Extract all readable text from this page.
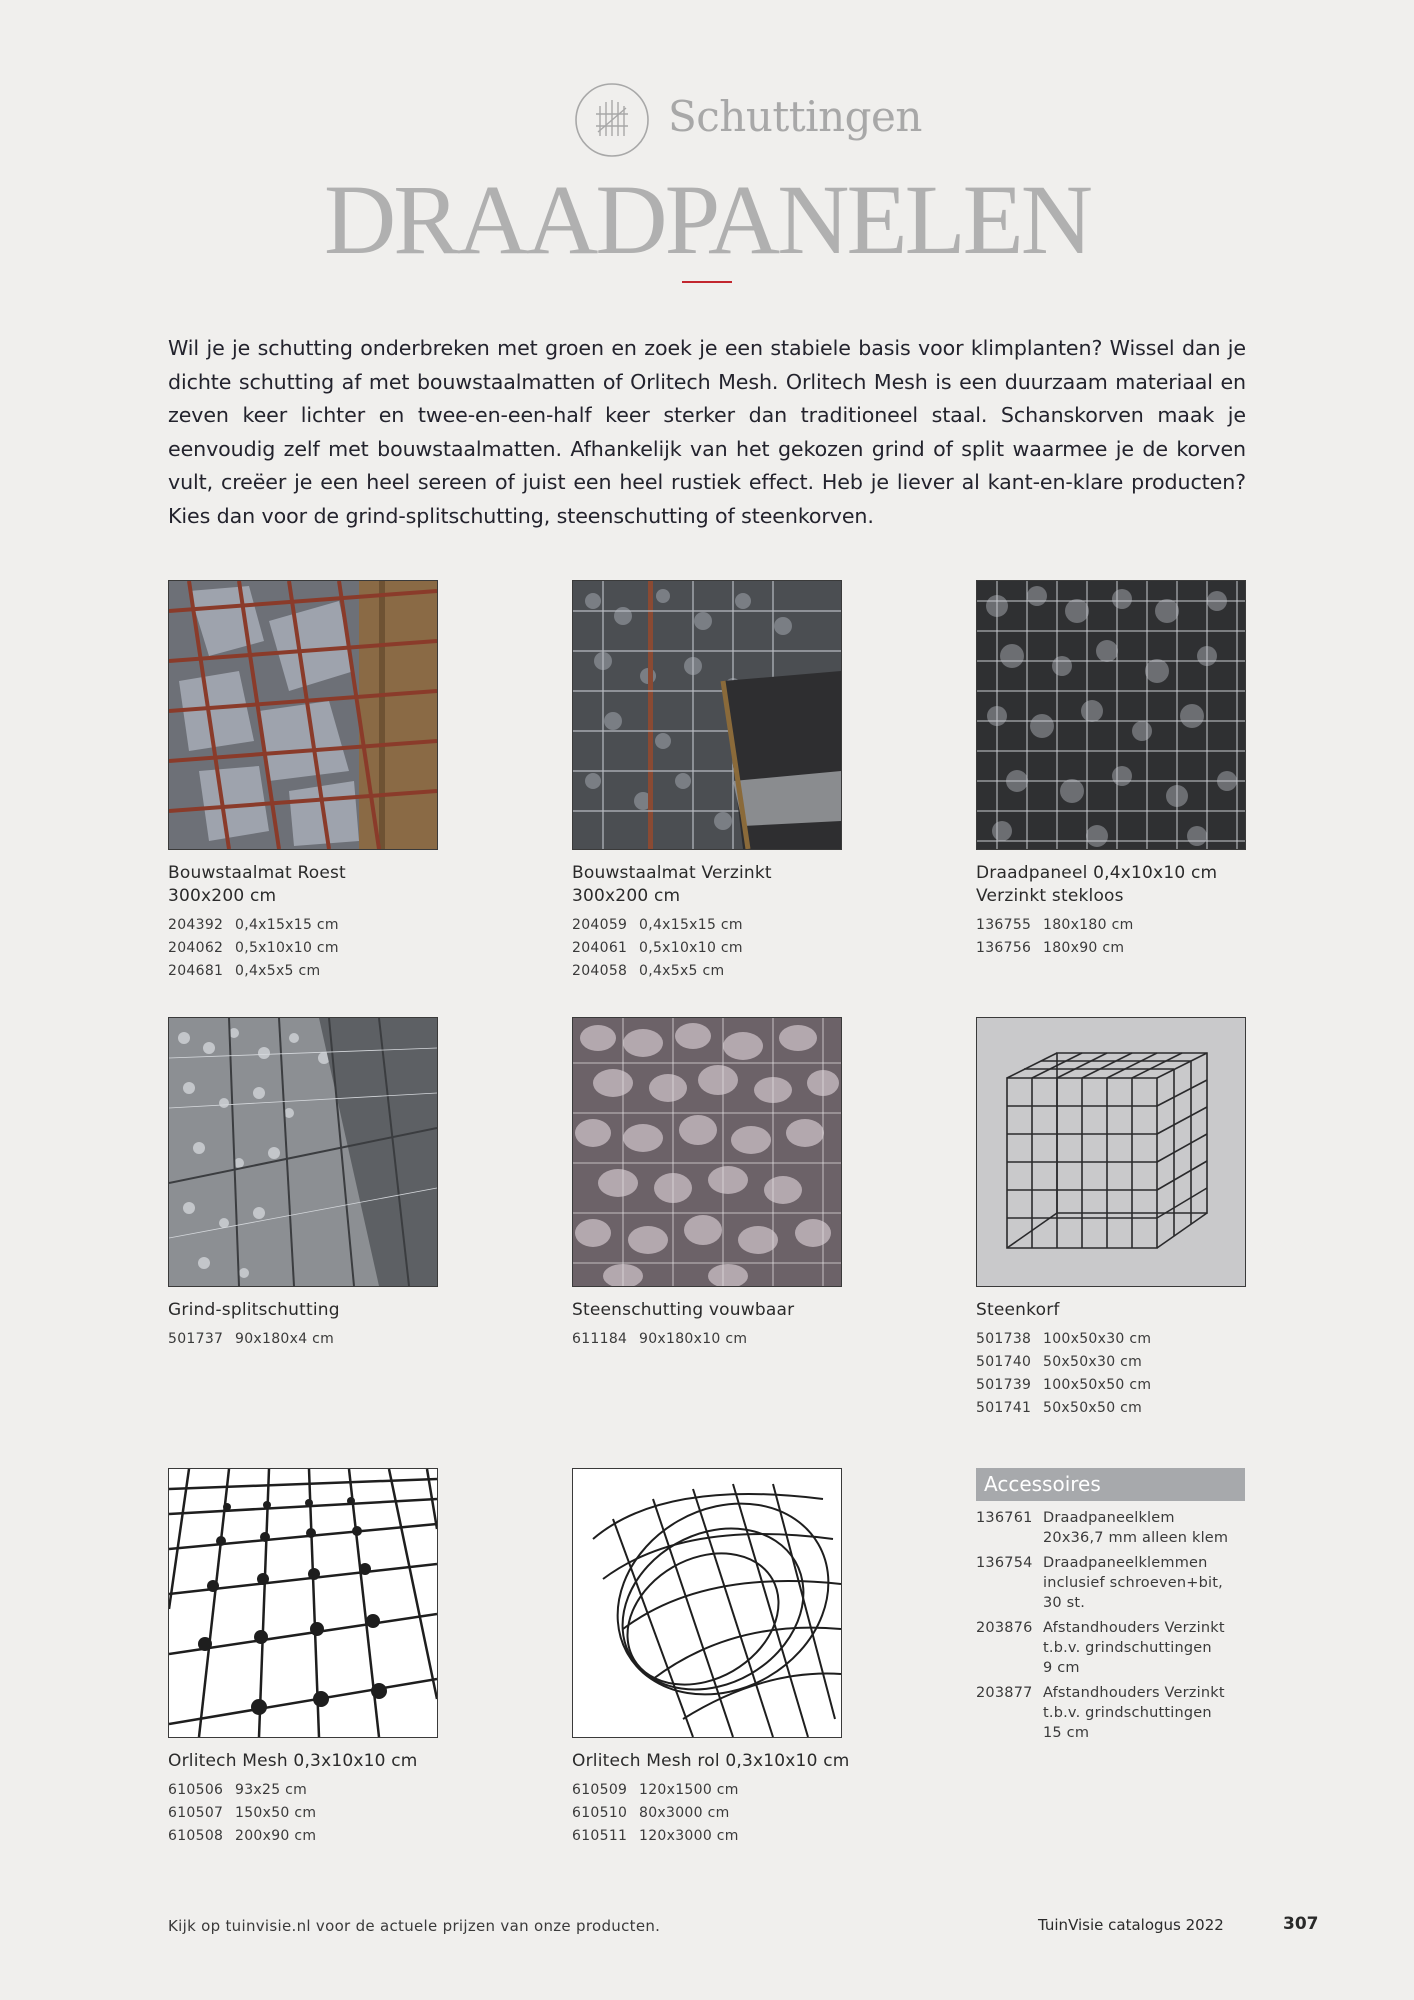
Schuttingen
DRAADPANELEN
Wil je je schutting onderbreken met groen en zoek je een stabiele basis voor klimplanten? Wissel dan je dichte schutting af met bouwstaalmatten of Orlitech Mesh. Orlitech Mesh is een duurzaam materiaal en zeven keer lichter en twee-en-een-half keer sterker dan traditioneel staal. Schanskorven maak je eenvoudig zelf met bouwstaalmatten. Afhankelijk van het gekozen grind of split waarmee je de korven vult, creëer je een heel sereen of juist een heel rustiek effect. Heb je liever al kant-en-klare producten? Kies dan voor de grind-splitschutting, steenschutting of steenkorven.
Bouwstaalmat Roest
300x200 cm
204392 0,4x15x15 cm
204062 0,5x10x10 cm
204681 0,4x5x5 cm
Bouwstaalmat Verzinkt
300x200 cm
204059 0,4x15x15 cm
204061 0,5x10x10 cm
204058 0,4x5x5 cm
Draadpaneel 0,4x10x10 cm
Verzinkt stekloos
136755 180x180 cm
136756 180x90 cm
Grind-splitschutting
501737 90x180x4 cm
Steenschutting vouwbaar
611184 90x180x10 cm
Steenkorf
501738 100x50x30 cm
501740 50x50x30 cm
501739 100x50x50 cm
501741 50x50x50 cm
Orlitech Mesh 0,3x10x10 cm
610506 93x25 cm
610507 150x50 cm
610508 200x90 cm
Orlitech Mesh rol 0,3x10x10 cm
610509 120x1500 cm
610510 80x3000 cm
610511 120x3000 cm
Accessoires
136761 Draadpaneelklem
20x36,7 mm alleen klem
136754 Draadpaneelklemmen
inclusief schroeven+bit,
30 st.
203876 Afstandhouders Verzinkt
t.b.v. grindschuttingen
9 cm
203877 Afstandhouders Verzinkt
t.b.v. grindschuttingen
15 cm
Kijk op tuinvisie.nl voor de actuele prijzen van onze producten.	TuinVisie catalogus 2022	307
